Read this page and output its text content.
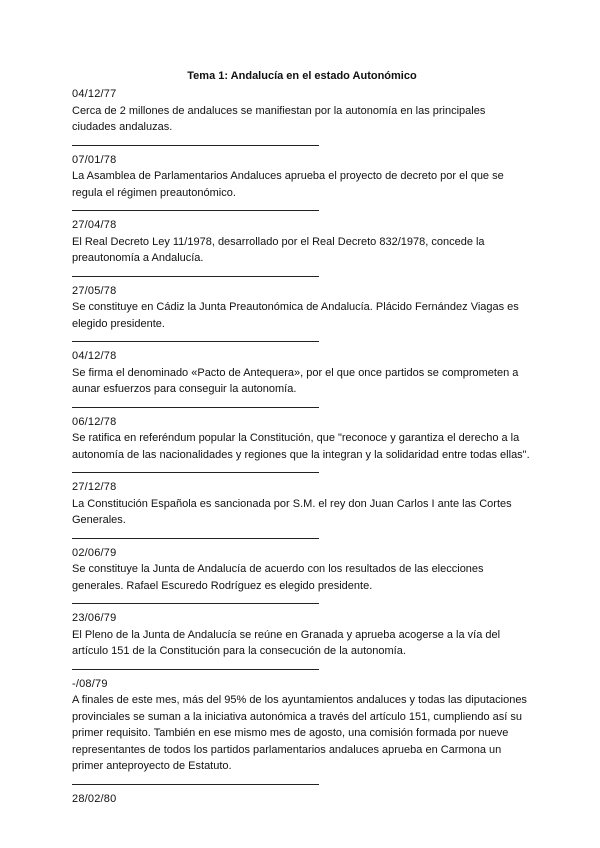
Tema 1: Andalucía en el estado Autonómico
04/12/77
Cerca de 2 millones de andaluces se manifiestan por la autonomía en las principales ciudades andaluzas.
07/01/78
La Asamblea de Parlamentarios Andaluces aprueba el proyecto de decreto por el que se regula el régimen preautonómico.
27/04/78
El Real Decreto Ley 11/1978, desarrollado por el Real Decreto 832/1978, concede la preautonomía a Andalucía.
27/05/78
Se constituye en Cádiz la Junta Preautonómica de Andalucía. Plácido Fernández Viagas es elegido presidente.
04/12/78
Se firma el denominado «Pacto de Antequera», por el que once partidos se comprometen a aunar esfuerzos para conseguir la autonomía.
06/12/78
Se ratifica en referéndum popular la Constitución, que "reconoce y garantiza el derecho a la autonomía de las nacionalidades y regiones que la integran y la solidaridad entre todas ellas".
27/12/78
La Constitución Española es sancionada por S.M. el rey don Juan Carlos I ante las Cortes Generales.
02/06/79
Se constituye la Junta de Andalucía de acuerdo con los resultados de las elecciones generales. Rafael Escuredo Rodríguez es elegido presidente.
23/06/79
El Pleno de la Junta de Andalucía se reúne en Granada y aprueba acogerse a la vía del artículo 151 de la Constitución para la consecución de la autonomía.
-/08/79
A finales de este mes, más del 95% de los ayuntamientos andaluces y todas las diputaciones provinciales se suman a la iniciativa autonómica a través del artículo 151, cumpliendo así su primer requisito. También en ese mismo mes de agosto, una comisión formada por nueve representantes de todos los partidos parlamentarios andaluces aprueba en Carmona un primer anteproyecto de Estatuto.
28/02/80
